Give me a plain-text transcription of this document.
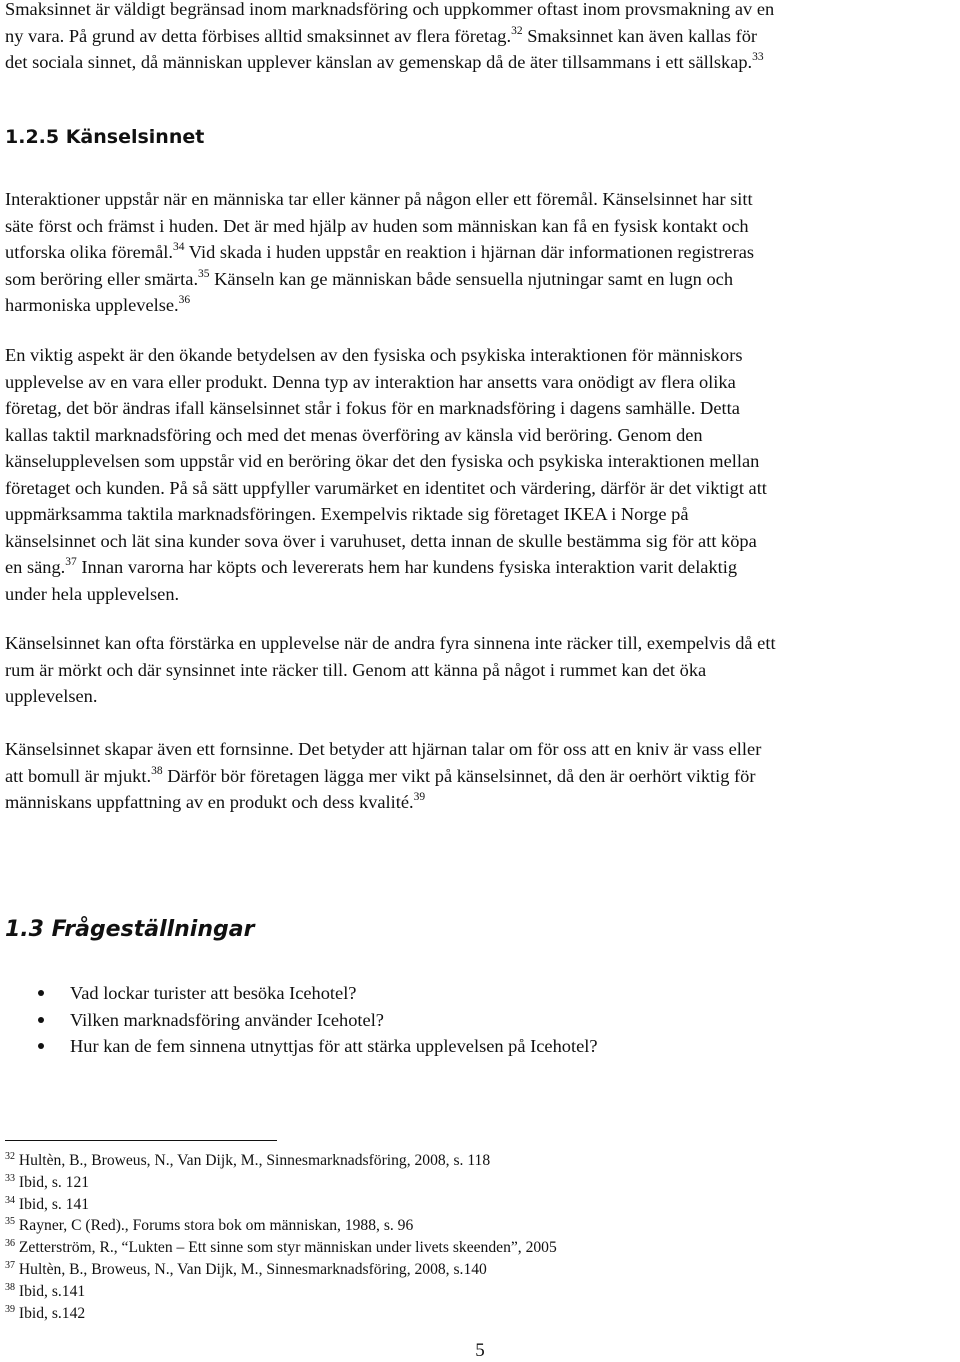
Smaksinnet är väldigt begränsad inom marknadsföring och uppkommer oftast inom provsmakning av en
ny vara. På grund av detta förbises alltid smaksinnet av flera företag.$^{32}$ Smaksinnet kan även kallas för
det sociala sinnet, då människan upplever känslan av gemenskap då de äter tillsammans i ett sällskap.$^{33}$
1.2.5 Känselsinnet
Interaktioner uppstår när en människa tar eller känner på någon eller ett föremål. Känselsinnet har sitt
säte först och främst i huden. Det är med hjälp av huden som människan kan få en fysisk kontakt och
utforska olika föremål.$^{34}$ Vid skada i huden uppstår en reaktion i hjärnan där informationen registreras
som beröring eller smärta.$^{35}$ Känseln kan ge människan både sensuella njutningar samt en lugn och
harmoniska upplevelse.$^{36}$
En viktig aspekt är den ökande betydelsen av den fysiska och psykiska interaktionen för människors
upplevelse av en vara eller produkt. Denna typ av interaktion har ansetts vara onödigt av flera olika
företag, det bör ändras ifall känselsinnet står i fokus för en marknadsföring i dagens samhälle. Detta
kallas taktil marknadsföring och med det menas överföring av känsla vid beröring. Genom den
känselupplevelsen som uppstår vid en beröring ökar det den fysiska och psykiska interaktionen mellan
företaget och kunden. På så sätt uppfyller varumärket en identitet och värdering, därför är det viktigt att
uppmärksamma taktila marknadsföringen. Exempelvis riktade sig företaget IKEA i Norge på
känselsinnet och lät sina kunder sova över i varuhuset, detta innan de skulle bestämma sig för att köpa
en säng.$^{37}$ Innan varorna har köpts och levererats hem har kundens fysiska interaktion varit delaktig
under hela upplevelsen.
Känselsinnet kan ofta förstärka en upplevelse när de andra fyra sinnena inte räcker till, exempelvis då ett
rum är mörkt och där synsinnet inte räcker till. Genom att känna på något i rummet kan det öka
upplevelsen.
Känselsinnet skapar även ett fornsinne. Det betyder att hjärnan talar om för oss att en kniv är vass eller
att bomull är mjukt.$^{38}$ Därför bör företagen lägga mer vikt på känselsinnet, då den är oerhört viktig för
människans uppfattning av en produkt och dess kvalité.$^{39}$
1.3 Frågeställningar
Vad lockar turister att besöka Icehotel?
Vilken marknadsföring använder Icehotel?
Hur kan de fem sinnena utnyttjas för att stärka upplevelsen på Icehotel?
$^{32}$ Hultèn, B., Broweus, N., Van Dijk, M., Sinnesmarknadsföring, 2008, s. 118
$^{33}$ Ibid, s. 121
$^{34}$ Ibid, s. 141
$^{35}$ Rayner, C (Red)., Forums stora bok om människan, 1988, s. 96
$^{36}$ Zetterström, R., “Lukten – Ett sinne som styr människan under livets skeenden”, 2005
$^{37}$ Hultèn, B., Broweus, N., Van Dijk, M., Sinnesmarknadsföring, 2008, s.140
$^{38}$ Ibid, s.141
$^{39}$ Ibid, s.142
5
